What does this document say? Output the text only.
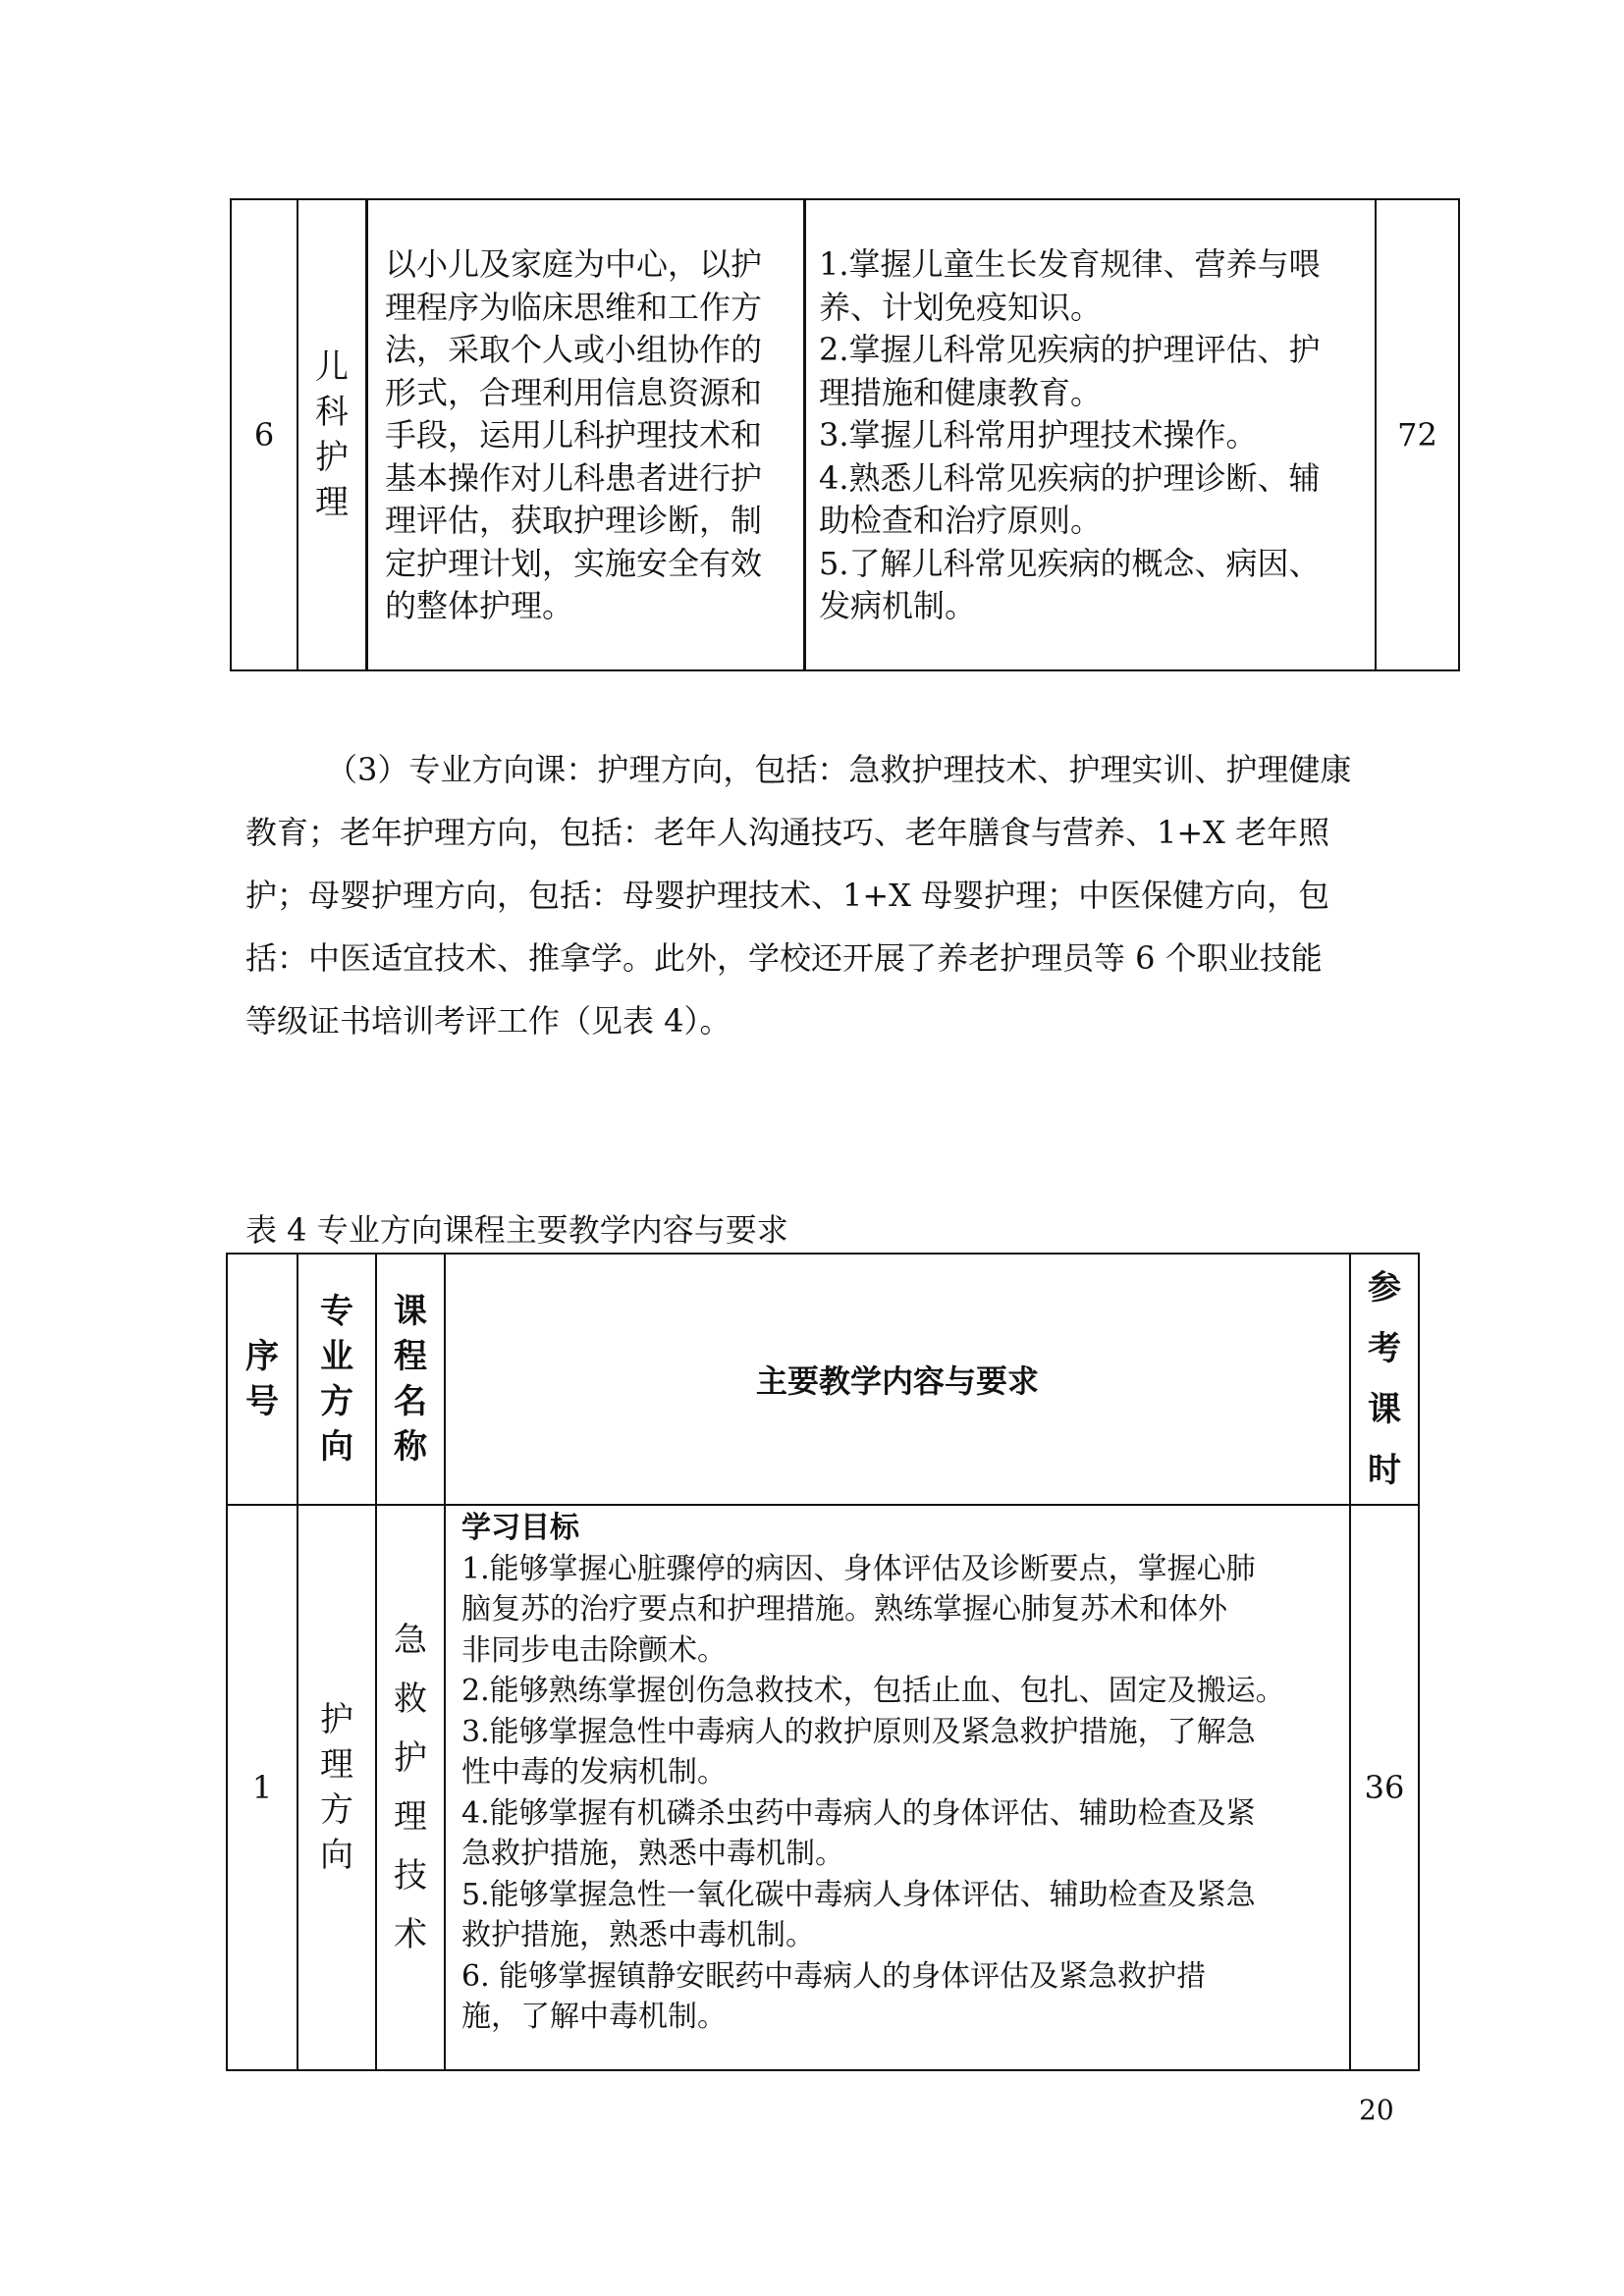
6
儿
科
护
理
以小儿及家庭为中心，以护
理程序为临床思维和工作方
法，采取个人或小组协作的
形式，合理利用信息资源和
手段，运用儿科护理技术和
基本操作对儿科患者进行护
理评估，获取护理诊断，制
定护理计划，实施安全有效
的整体护理。
1.掌握儿童生长发育规律、营养与喂
养、计划免疫知识。
2.掌握儿科常见疾病的护理评估、护
理措施和健康教育。
3.掌握儿科常用护理技术操作。
4.熟悉儿科常见疾病的护理诊断、辅
助检查和治疗原则。
5.了解儿科常见疾病的概念、病因、
发病机制。
72
（3）专业方向课：护理方向，包括：急救护理技术、护理实训、护理健康
教育；老年护理方向，包括：老年人沟通技巧、老年膳食与营养、1+X 老年照
护；母婴护理方向，包括：母婴护理技术、1+X 母婴护理；中医保健方向，包
括：中医适宜技术、推拿学。此外，学校还开展了养老护理员等 6 个职业技能
等级证书培训考评工作（见表 4）。
表 4 专业方向课程主要教学内容与要求
序
号
专
业
方
向
课
程
名
称
主要教学内容与要求
参
考
课
时
1
护
理
方
向
急
救
护
理
技
术
学习目标
1.能够掌握心脏骤停的病因、身体评估及诊断要点，掌握心肺
脑复苏的治疗要点和护理措施。熟练掌握心肺复苏术和体外
非同步电击除颤术。
2.能够熟练掌握创伤急救技术，包括止血、包扎、固定及搬运。
3.能够掌握急性中毒病人的救护原则及紧急救护措施，了解急
性中毒的发病机制。
4.能够掌握有机磷杀虫药中毒病人的身体评估、辅助检查及紧
急救护措施，熟悉中毒机制。
5.能够掌握急性一氧化碳中毒病人身体评估、辅助检查及紧急
救护措施，熟悉中毒机制。
6. 能够掌握镇静安眠药中毒病人的身体评估及紧急救护措
施，了解中毒机制。
36
20
